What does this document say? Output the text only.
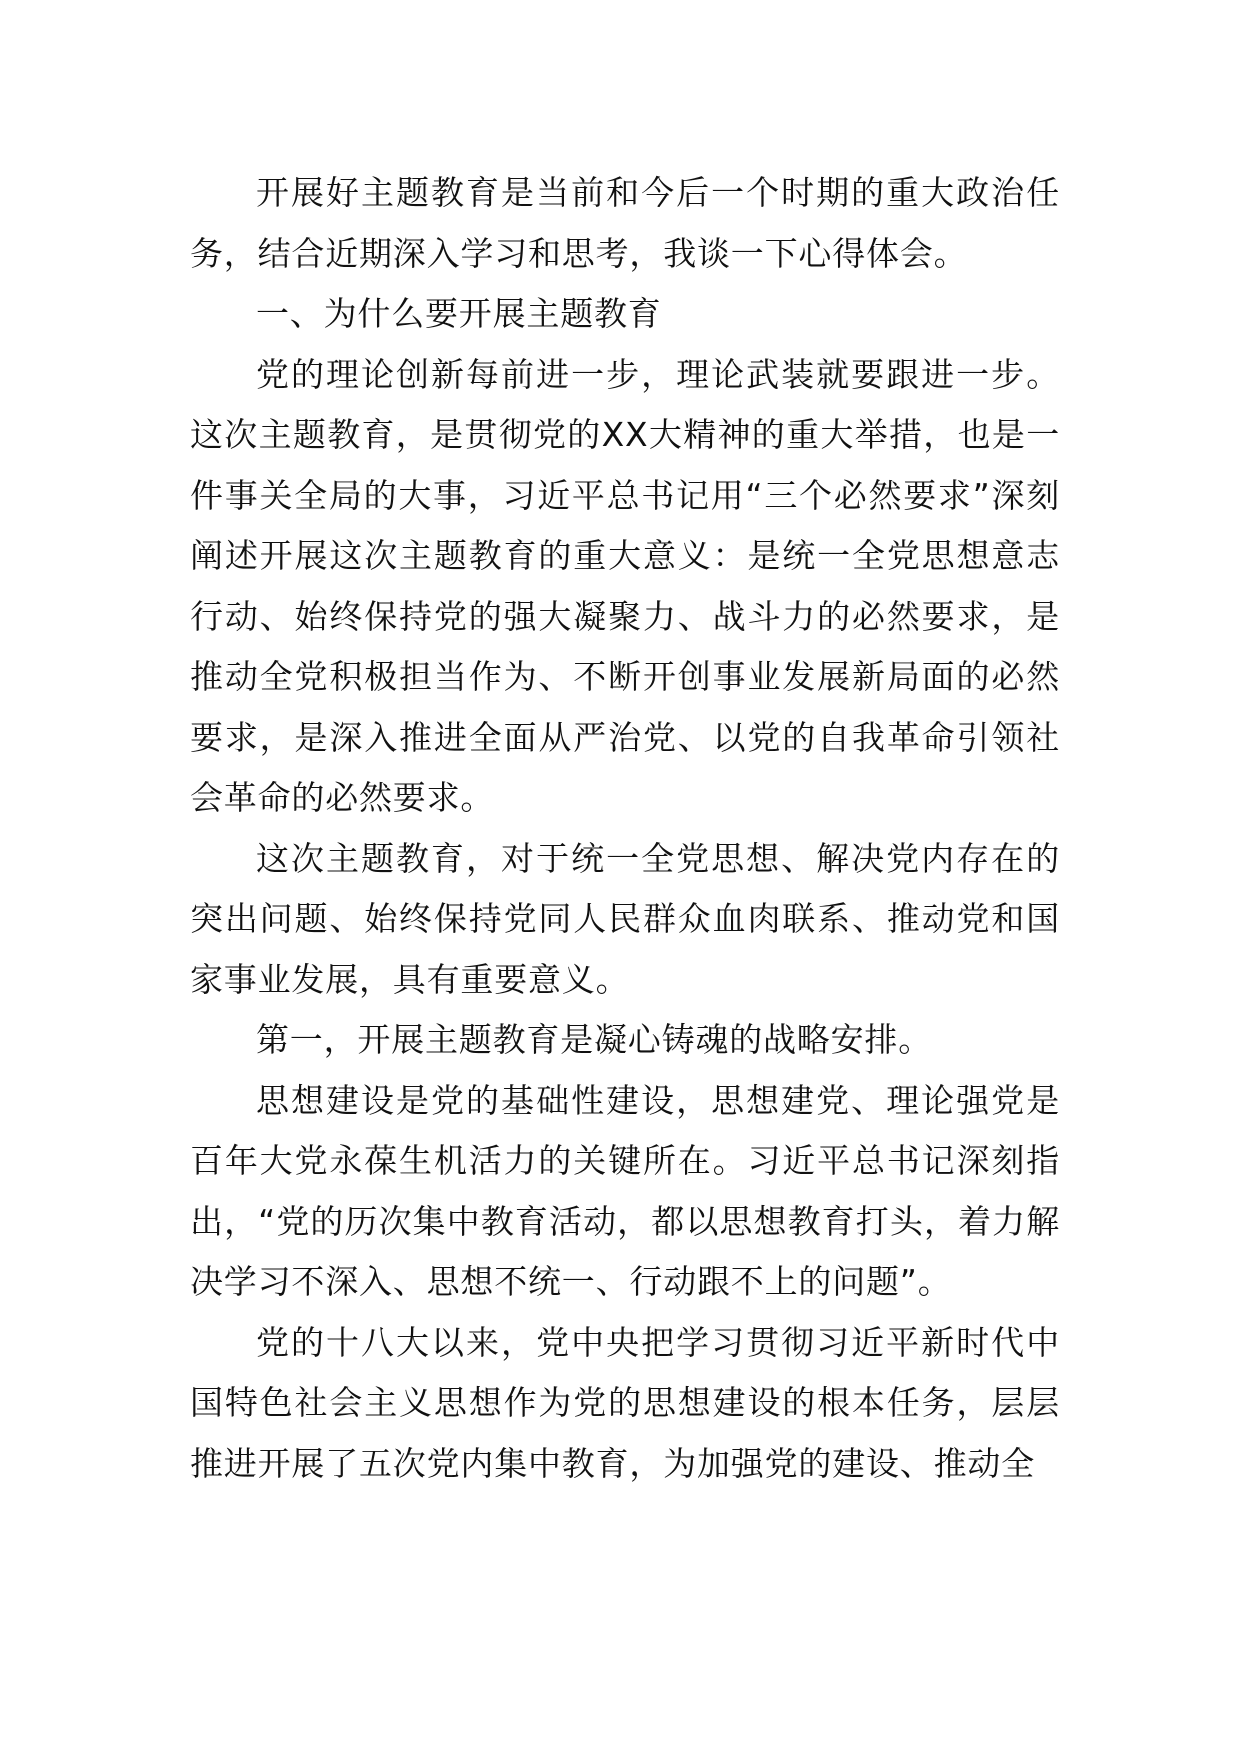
开展好主题教育是当前和今后一个时期的重大政治任务，结合近期深入学习和思考，我谈一下心得体会。

一、为什么要开展主题教育

党的理论创新每前进一步，理论武装就要跟进一步。这次主题教育，是贯彻党的XX大精神的重大举措，也是一件事关全局的大事，习近平总书记用“三个必然要求”深刻阐述开展这次主题教育的重大意义：是统一全党思想意志行动、始终保持党的强大凝聚力、战斗力的必然要求，是推动全党积极担当作为、不断开创事业发展新局面的必然要求，是深入推进全面从严治党、以党的自我革命引领社会革命的必然要求。

这次主题教育，对于统一全党思想、解决党内存在的突出问题、始终保持党同人民群众血肉联系、推动党和国家事业发展，具有重要意义。

第一，开展主题教育是凝心铸魂的战略安排。

思想建设是党的基础性建设，思想建党、理论强党是百年大党永葆生机活力的关键所在。习近平总书记深刻指出，“党的历次集中教育活动，都以思想教育打头，着力解决学习不深入、思想不统一、行动跟不上的问题”。

党的十八大以来，党中央把学习贯彻习近平新时代中国特色社会主义思想作为党的思想建设的根本任务，层层推进开展了五次党内集中教育，为加强党的建设、推动全
